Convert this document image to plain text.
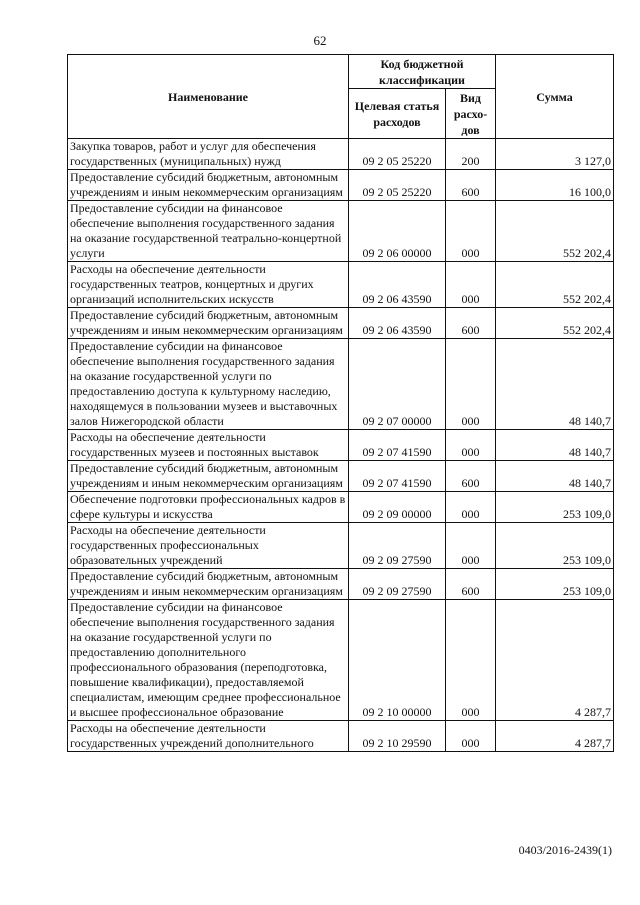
62
Наименование	Код бюджетной классификации		Сумма
	Целевая статья расходов	Вид расхо-дов	
Закупка товаров, работ и услуг для обеспечения государственных (муниципальных) нужд	09 2 05 25220	200	3 127,0
Предоставление субсидий бюджетным, автономным учреждениям и иным некоммерческим организациям	09 2 05 25220	600	16 100,0
Предоставление субсидии на финансовое обеспечение выполнения государственного задания на оказание государственной театрально-концертной услуги	09 2 06 00000	000	552 202,4
Расходы на обеспечение деятельности государственных театров, концертных и других организаций исполнительских искусств	09 2 06 43590	000	552 202,4
Предоставление субсидий бюджетным, автономным учреждениям и иным некоммерческим организациям	09 2 06 43590	600	552 202,4
Предоставление субсидии на финансовое обеспечение выполнения государственного задания на оказание государственной услуги по предоставлению доступа к культурному наследию, находящемуся в пользовании музеев и выставочных залов Нижегородской области	09 2 07 00000	000	48 140,7
Расходы на обеспечение деятельности государственных музеев и постоянных выставок	09 2 07 41590	000	48 140,7
Предоставление субсидий бюджетным, автономным учреждениям и иным некоммерческим организациям	09 2 07 41590	600	48 140,7
Обеспечение подготовки профессиональных кадров в сфере культуры и искусства	09 2 09 00000	000	253 109,0
Расходы на обеспечение деятельности государственных профессиональных образовательных учреждений	09 2 09 27590	000	253 109,0
Предоставление субсидий бюджетным, автономным учреждениям и иным некоммерческим организациям	09 2 09 27590	600	253 109,0
Предоставление субсидии на финансовое обеспечение выполнения государственного задания на оказание государственной услуги по предоставлению дополнительного профессионального образования (переподготовка, повышение квалификации), предоставляемой специалистам, имеющим среднее профессиональное и высшее профессиональное образование	09 2 10 00000	000	4 287,7
Расходы на обеспечение деятельности государственных учреждений дополнительного	09 2 10 29590	000	4 287,7
0403/2016-2439(1)
